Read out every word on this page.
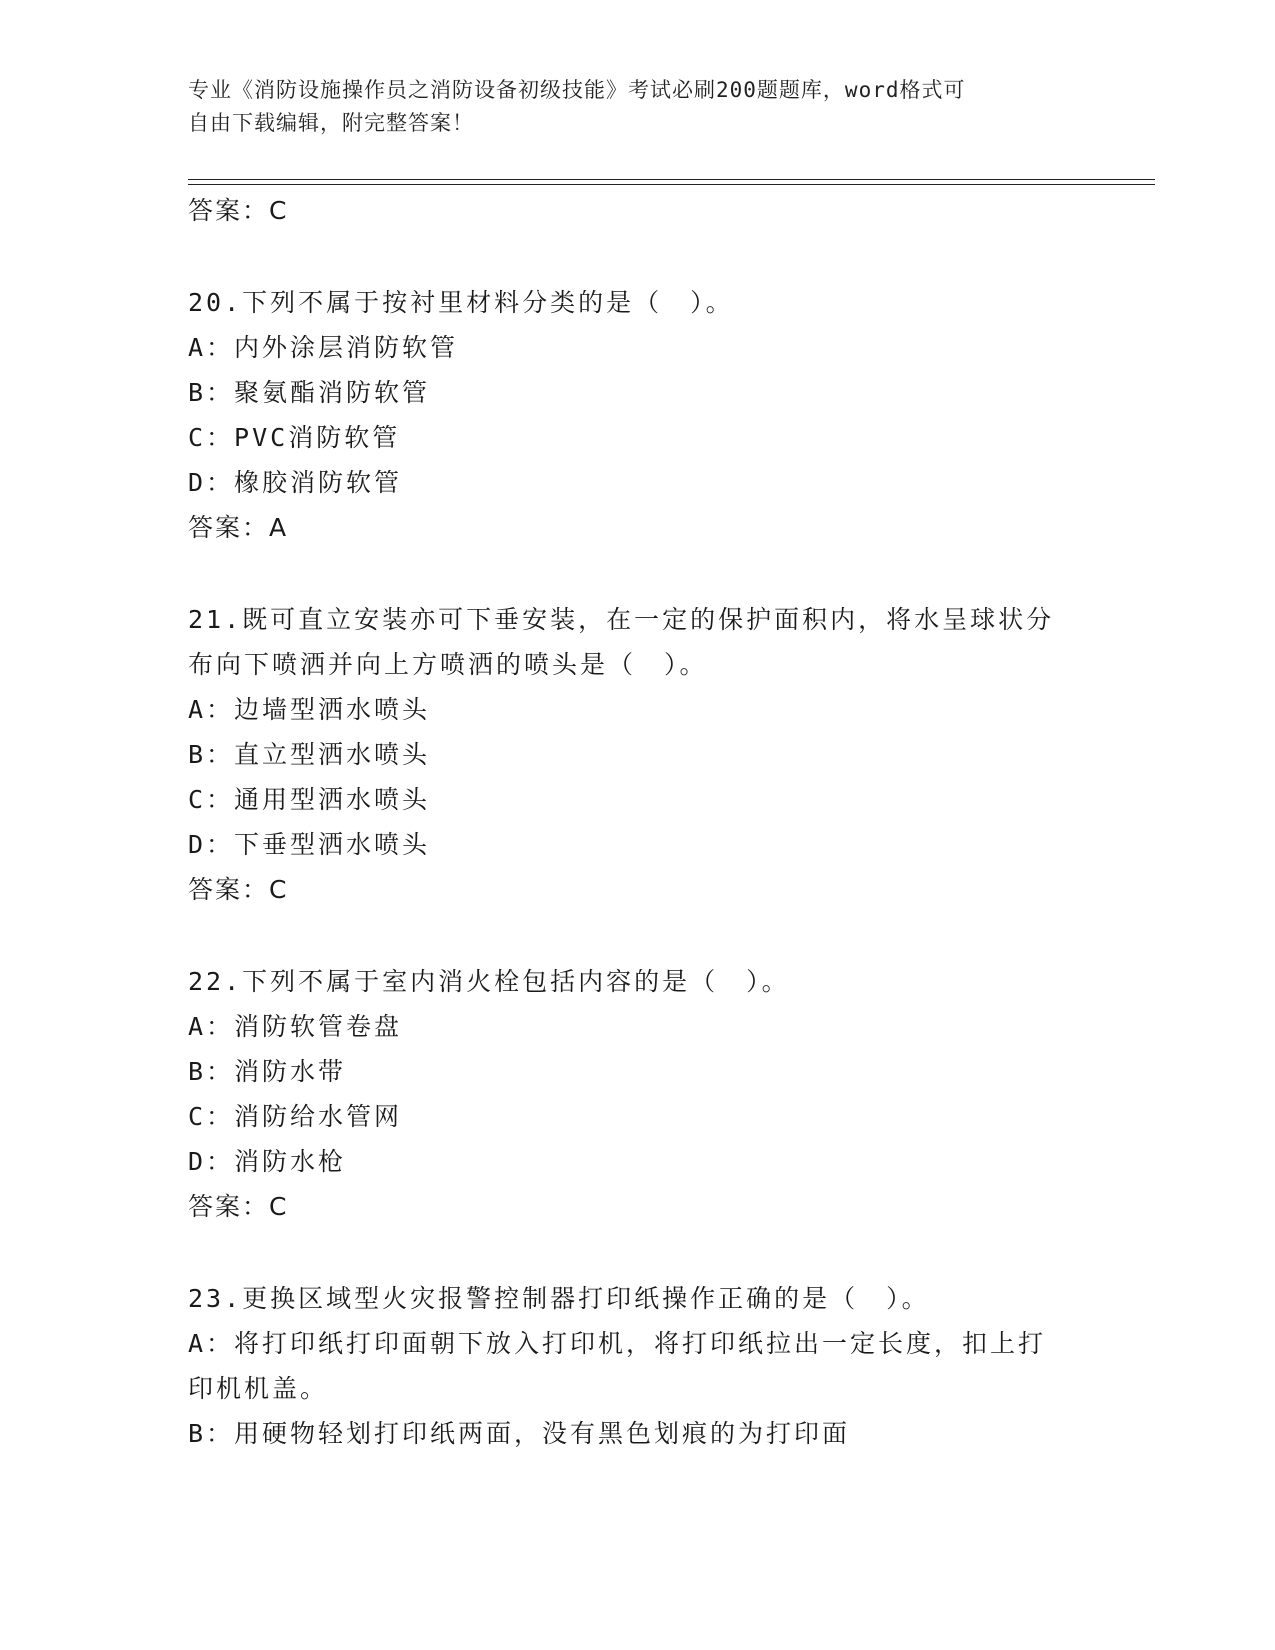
专业《消防设施操作员之消防设备初级技能》考试必刷200题题库，word格式可
自由下载编辑，附完整答案！
答案：C
20.下列不属于按衬里材料分类的是（　）。
A：内外涂层消防软管
B：聚氨酯消防软管
C：PVC消防软管
D：橡胶消防软管
答案：A
21.既可直立安装亦可下垂安装，在一定的保护面积内，将水呈球状分
布向下喷洒并向上方喷洒的喷头是（　）。
A：边墙型洒水喷头
B：直立型洒水喷头
C：通用型洒水喷头
D：下垂型洒水喷头
答案：C
22.下列不属于室内消火栓包括内容的是（　）。
A：消防软管卷盘
B：消防水带
C：消防给水管网
D：消防水枪
答案：C
23.更换区域型火灾报警控制器打印纸操作正确的是（　）。
A：将打印纸打印面朝下放入打印机，将打印纸拉出一定长度，扣上打
印机机盖。
B：用硬物轻划打印纸两面，没有黑色划痕的为打印面
